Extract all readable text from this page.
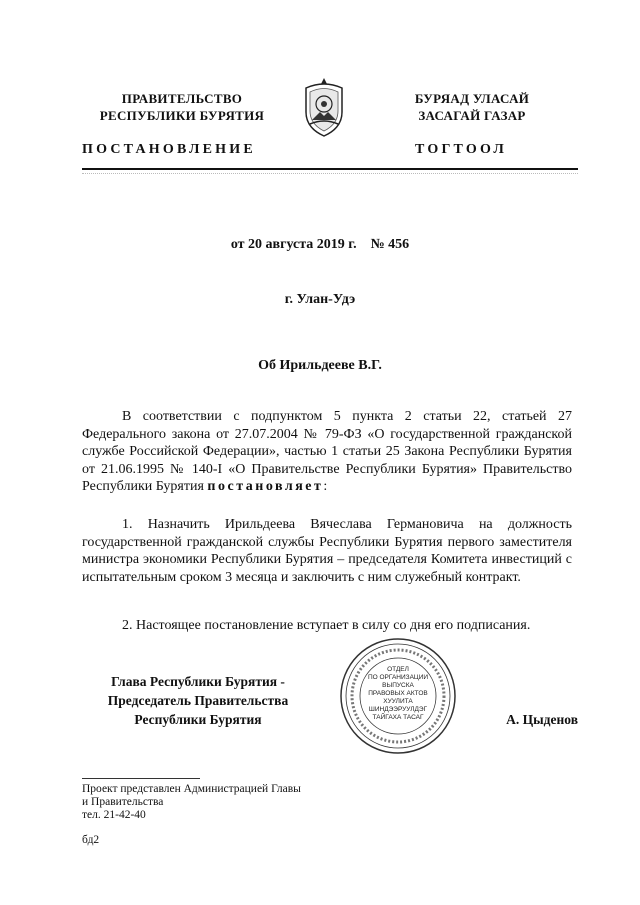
ПРАВИТЕЛЬСТВО
РЕСПУБЛИКИ БУРЯТИЯ
БУРЯАД УЛАСАЙ
ЗАСАГАЙ ГАЗАР
ПОСТАНОВЛЕНИЕ	ТОГТООЛ
от 20 августа 2019 г.    № 456
г. Улан-Удэ
Об Ирильдееве В.Г.
В соответствии с подпунктом 5 пункта 2 статьи 22, статьей 27 Федерального закона от 27.07.2004 № 79-ФЗ «О государственной гражданской службе Российской Федерации», частью 1 статьи 25 Закона Республики Бурятия от 21.06.1995 № 140-I «О Правительстве Республики Бурятия» Правительство Республики Бурятия постановляет:
1. Назначить Ирильдеева Вячеслава Германовича на должность государственной гражданской службы Республики Бурятия первого заместителя министра экономики Республики Бурятия – председателя Комитета инвестиций с испытательным сроком 3 месяца и заключить с ним служебный контракт.
2. Настоящее постановление вступает в силу со дня его подписания.
Глава Республики Бурятия -
Председатель Правительства
Республики Бурятия
ОТДЕЛ
ПО ОРГАНИЗАЦИИ
ВЫПУСКА
ПРАВОВЫХ АКТОВ
ХУУЛИТА
ШИНДЭЭРУУЛДЭГ
ТАЙГАХА ТАСАГ	А. Цыденов
Проект представлен Администрацией Главы
и Правительства
тел. 21-42-40
бд2
